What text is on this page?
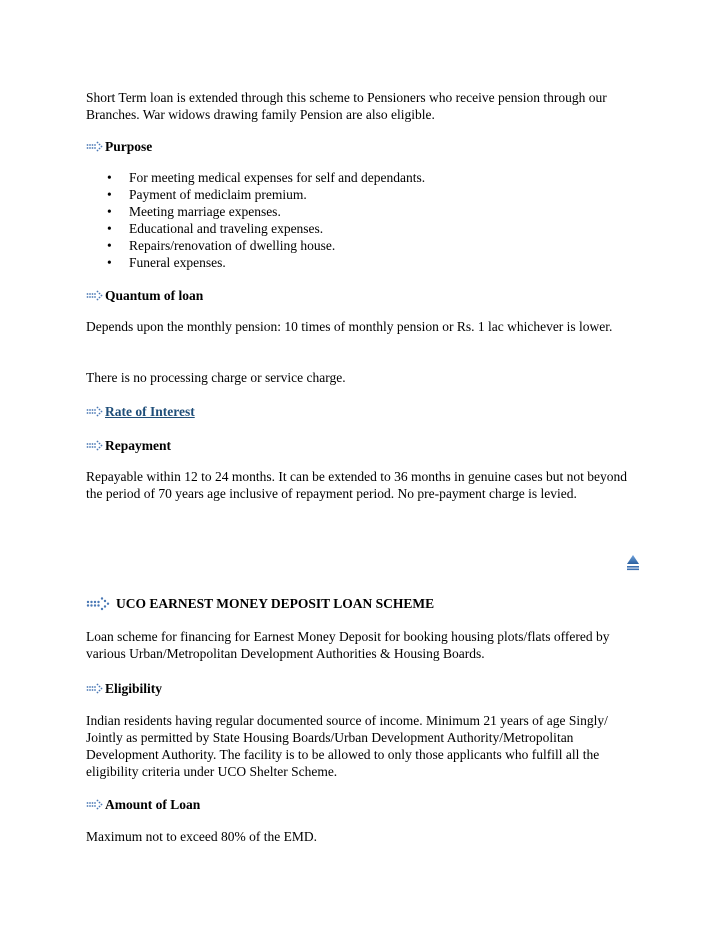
Short Term loan is extended through this scheme to Pensioners who receive pension through our Branches. War widows drawing family Pension are also eligible.

Purpose
• For meeting medical expenses for self and dependants.
• Payment of mediclaim premium.
• Meeting marriage expenses.
• Educational and traveling expenses.
• Repairs/renovation of dwelling house.
• Funeral expenses.
Quantum of loan

Depends upon the monthly pension: 10 times of monthly pension or Rs. 1 lac whichever is lower.

There is no processing charge or service charge.

Rate of Interest
Repayment

Repayable within 12 to 24 months. It can be extended to 36 months in genuine cases but not beyond the period of 70 years age inclusive of repayment period. No pre-payment charge is levied.

UCO EARNEST MONEY DEPOSIT LOAN SCHEME

Loan scheme for financing for Earnest Money Deposit for booking housing plots/flats offered by various Urban/Metropolitan Development Authorities & Housing Boards.

Eligibility

Indian residents having regular documented source of income. Minimum 21 years of age Singly/ Jointly as permitted by State Housing Boards/Urban Development Authority/Metropolitan Development Authority. The facility is to be allowed to only those applicants who fulfill all the eligibility criteria under UCO Shelter Scheme.

Amount of Loan

Maximum not to exceed 80% of the EMD.
